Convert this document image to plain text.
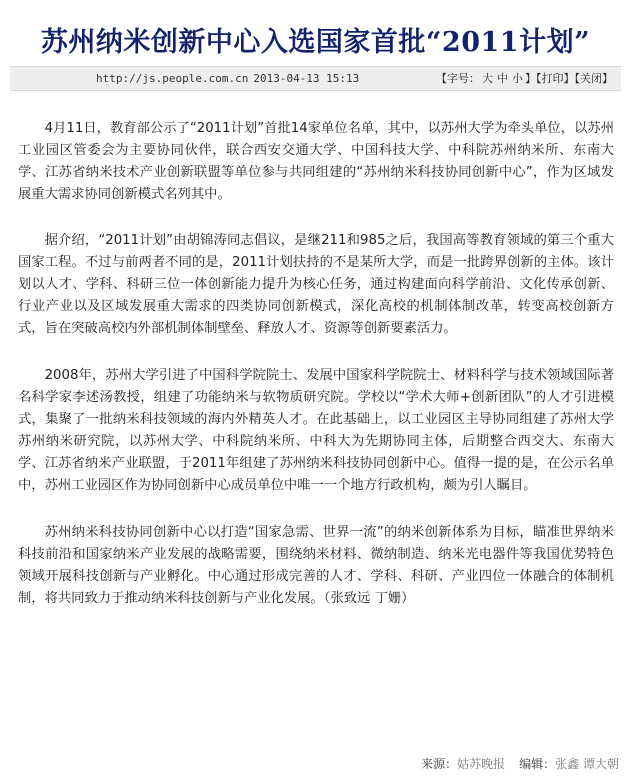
苏州纳米创新中心入选国家首批“2011计划”
http://js.people.com.cn 2013-04-13 15:13	【字号： 大 中 小 】【打印】【关闭】

4月11日，教育部公示了“2011计划”首批14家单位名单，其中，以苏州大学为牵头单位，以苏州工业园区管委会为主要协同伙伴，联合西安交通大学、中国科技大学、中科院苏州纳米所、东南大学、江苏省纳米技术产业创新联盟等单位参与共同组建的“苏州纳米科技协同创新中心”，作为区域发展重大需求协同创新模式名列其中。

据介绍，“2011计划”由胡锦涛同志倡议，是继211和985之后，我国高等教育领域的第三个重大国家工程。不过与前两者不同的是，2011计划扶持的不是某所大学，而是一批跨界创新的主体。该计划以人才、学科、科研三位一体创新能力提升为核心任务，通过构建面向科学前沿、文化传承创新、行业产业以及区域发展重大需求的四类协同创新模式，深化高校的机制体制改革，转变高校创新方式，旨在突破高校内外部机制体制壁垒、释放人才、资源等创新要素活力。

2008年，苏州大学引进了中国科学院院士、发展中国家科学院院士、材料科学与技术领域国际著名科学家李述汤教授，组建了功能纳米与软物质研究院。学校以“学术大师+创新团队”的人才引进模式，集聚了一批纳米科技领域的海内外精英人才。在此基础上，以工业园区主导协同组建了苏州大学苏州纳米研究院，以苏州大学、中科院纳米所、中科大为先期协同主体，后期整合西交大、东南大学、江苏省纳米产业联盟，于2011年组建了苏州纳米科技协同创新中心。值得一提的是，在公示名单中，苏州工业园区作为协同创新中心成员单位中唯一一个地方行政机构，颇为引人瞩目。

苏州纳米科技协同创新中心以打造“国家急需、世界一流”的纳米创新体系为目标，瞄准世界纳米科技前沿和国家纳米产业发展的战略需要，围绕纳米材料、微纳制造、纳米光电器件等我国优势特色领域开展科技创新与产业孵化。中心通过形成完善的人才、学科、科研、产业四位一体融合的体制机制，将共同致力于推动纳米科技创新与产业化发展。（张致远 丁姗）

来源：姑苏晚报 编辑：张鑫 谭大朝
